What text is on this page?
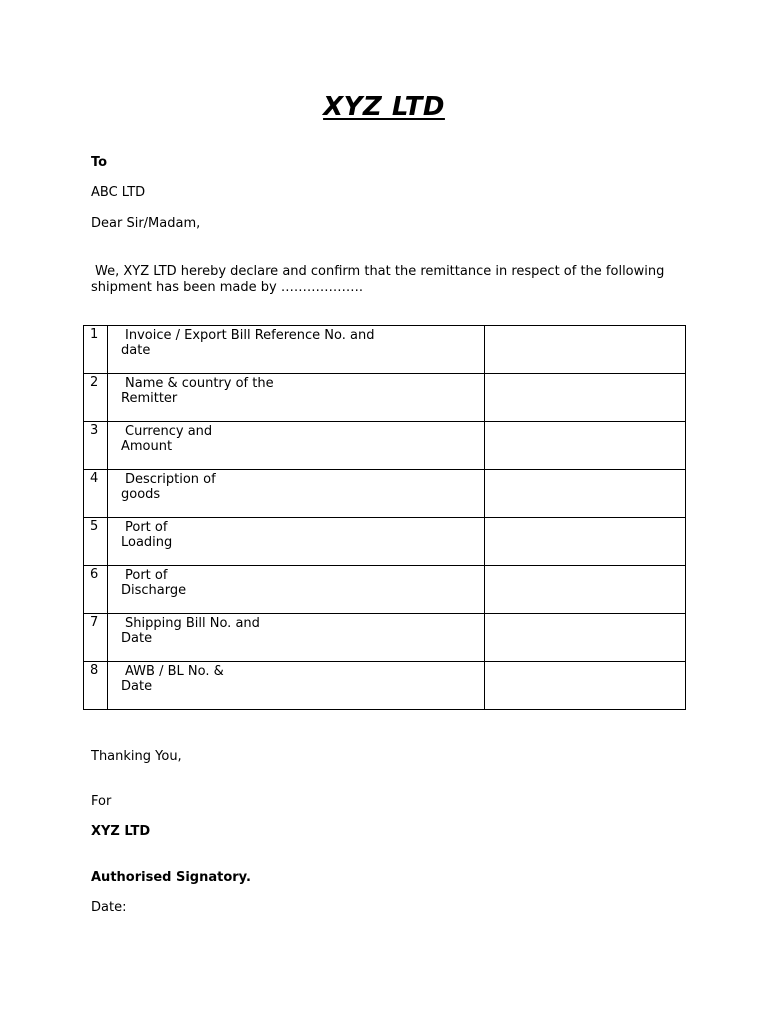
XYZ LTD
To
ABC LTD
Dear Sir/Madam,
We, XYZ LTD hereby declare and confirm that the remittance in respect of the following
shipment has been made by ……………….
1	Invoice / Export Bill Reference No. and
date	

2	Name & country of the
Remitter	

3	Currency and
Amount	

4	Description of
goods	

5	Port of
Loading	

6	Port of
Discharge	

7	Shipping Bill No. and
Date	

8	AWB / BL No. &
Date	

Thanking You,
For
XYZ LTD
Authorised Signatory.
Date:
